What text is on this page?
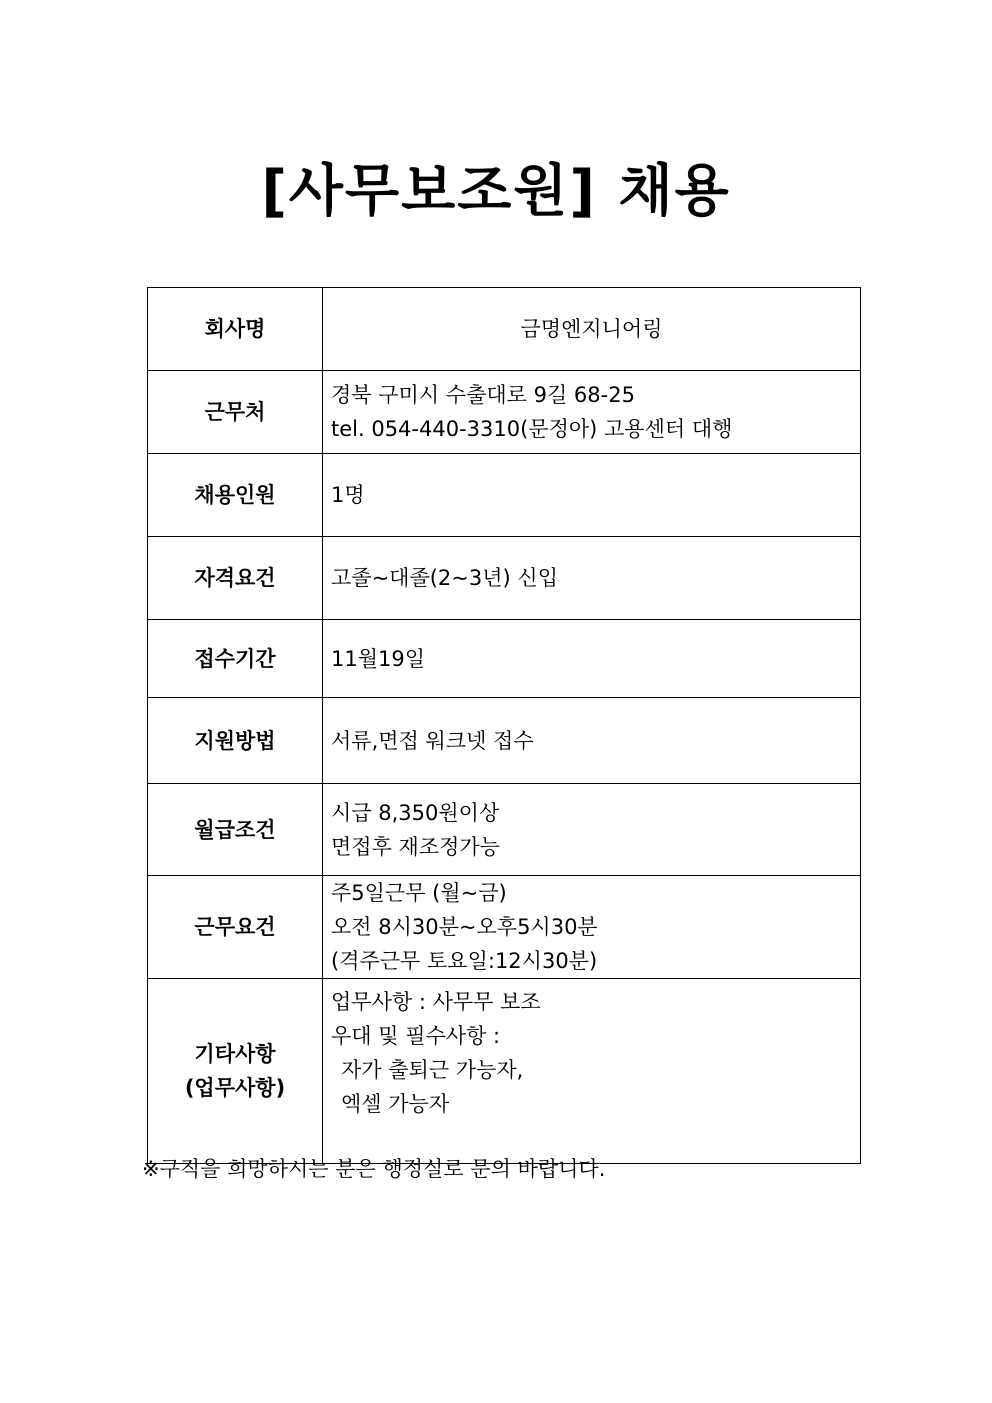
[사무보조원] 채용
회사명	금명엔지니어링
근무처	경북 구미시 수출대로 9길 68-25
tel. 054-440-3310(문정아) 고용센터 대행

채용인원	1명
자격요건	고졸~대졸(2~3년) 신입
접수기간	11월19일
지원방법	서류,면접 워크넷 접수
월급조건	시급 8,350원이상
면접후 재조정가능

근무요건	주5일근무 (월~금)
오전 8시30분~오후5시30분
(격주근무 토요일:12시30분)

기타사항
(업무사항)	업무사항 : 사무무 보조
우대 및 필수사항 :
자가 출퇴근 가능자,
엑셀 가능자
※구직을 희망하시는 분은 행정실로 문의 바랍니다.
